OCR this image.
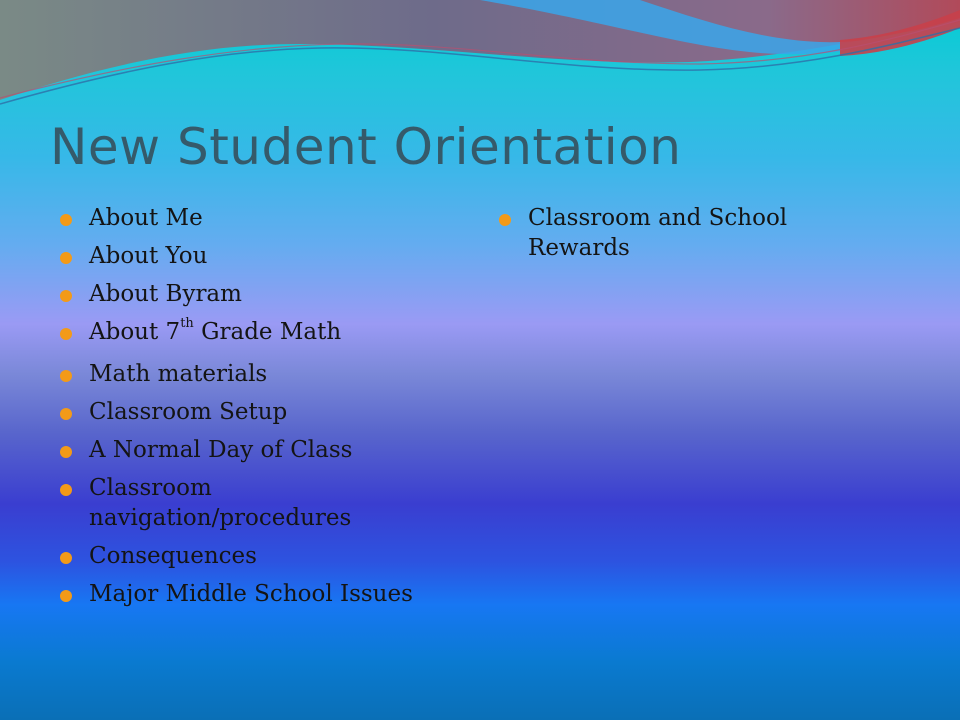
New Student Orientation
About Me
About You
About Byram
About 7th Grade Math
Math materials
Classroom Setup
A Normal Day of Class
Classroom navigation/procedures
Consequences
Major Middle School Issues
Classroom and School Rewards
